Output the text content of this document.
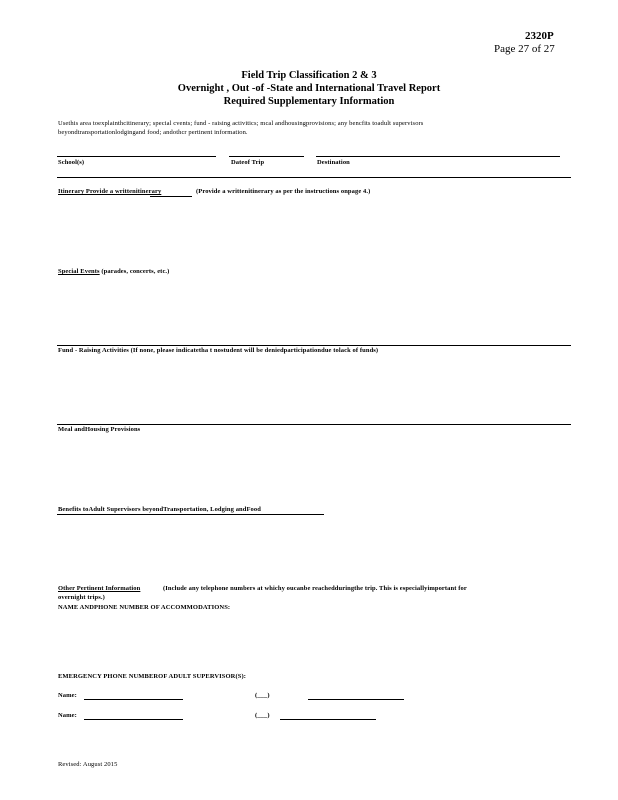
2320P
Page 27 of 27
Field Trip Classification 2 & 3
Overnight , Out -of -State and International Travel Report
Required Supplementary Information
Usethis area toexplainthcitinerary; special cvents; fund - raising activitics; mcal andhousingprovisions; any bencfits toadult supervisors
beyondtransportationlodgingand food; andothcr pertinent information.
School(s)	Dateof Trip	Destination
Itinerary Provide a writtenitinerary	(Provide a writtenitinerary as per the instructions onpage 4.)
Special Events (parades, concerts, etc.)
Fund - Raising Activities (If none, please indicatetha t nostudent will be deniedparticipationdue tolack of funds)
Meal andHousing Provisions
Benefits toAdult Supervisors beyondTransportation, Lodging andFood
Other Pertinent Information	(Include any telephone numbers at whichy oucanbe reachedduringthe trip. This is especiallyimportant for
overnight trips.)
NAME ANDPHONE NUMBER OF ACCOMMODATIONS:
EMERGENCY PHONE NUMBEROF ADULT SUPERVISOR(S):
Name:	(___)
Name:	(___)
Revised: August 2015
